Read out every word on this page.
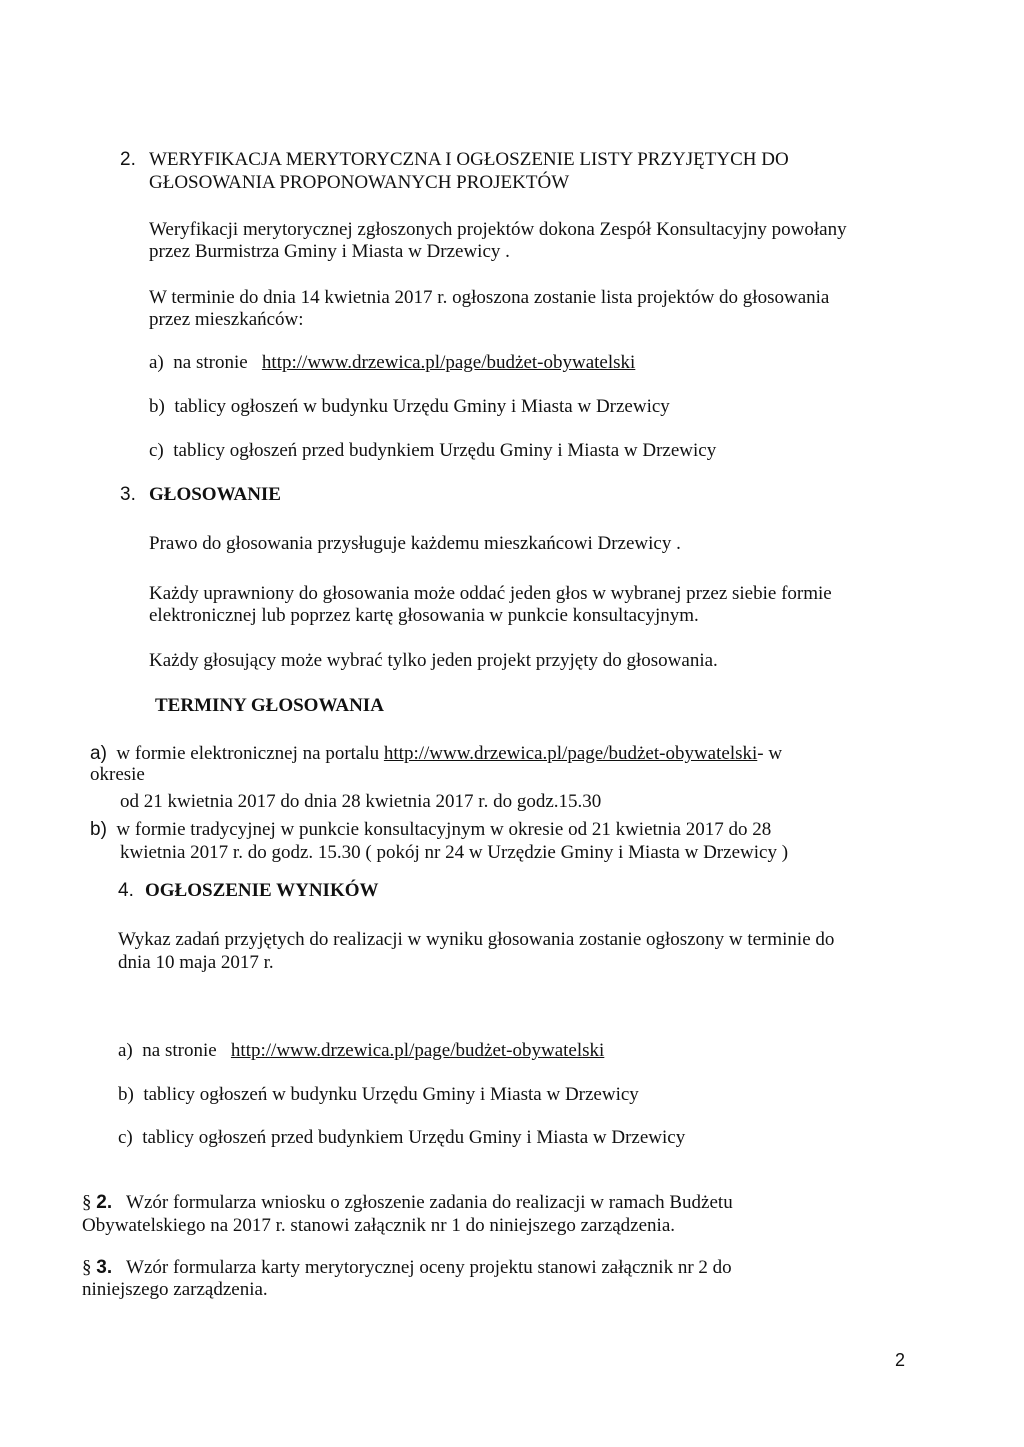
2. WERYFIKACJA MERYTORYCZNA I OGŁOSZENIE LISTY PRZYJĘTYCH DO
GŁOSOWANIA PROPONOWANYCH PROJEKTÓW
Weryfikacji merytorycznej zgłoszonych projektów dokona Zespół Konsultacyjny powołany
przez Burmistrza Gminy i Miasta w Drzewicy .
W terminie do dnia 14 kwietnia 2017 r. ogłoszona zostanie lista projektów do głosowania
przez mieszkańców:
a) na stronie http://www.drzewica.pl/page/budżet-obywatelski
b) tablicy ogłoszeń w budynku Urzędu Gminy i Miasta w Drzewicy
c) tablicy ogłoszeń przed budynkiem Urzędu Gminy i Miasta w Drzewicy
3. GŁOSOWANIE
Prawo do głosowania przysługuje każdemu mieszkańcowi Drzewicy .
Każdy uprawniony do głosowania może oddać jeden głos w wybranej przez siebie formie
elektronicznej lub poprzez kartę głosowania w punkcie konsultacyjnym.
Każdy głosujący może wybrać tylko jeden projekt przyjęty do głosowania.
TERMINY GŁOSOWANIA
a) w formie elektronicznej na portalu http://www.drzewica.pl/page/budżet-obywatelski- w
okresie
od 21 kwietnia 2017 do dnia 28 kwietnia 2017 r. do godz.15.30
b) w formie tradycyjnej w punkcie konsultacyjnym w okresie od 21 kwietnia 2017 do 28
kwietnia 2017 r. do godz. 15.30 ( pokój nr 24 w Urzędzie Gminy i Miasta w Drzewicy )
4. OGŁOSZENIE WYNIKÓW
Wykaz zadań przyjętych do realizacji w wyniku głosowania zostanie ogłoszony w terminie do
dnia 10 maja 2017 r.
a) na stronie http://www.drzewica.pl/page/budżet-obywatelski
b) tablicy ogłoszeń w budynku Urzędu Gminy i Miasta w Drzewicy
c) tablicy ogłoszeń przed budynkiem Urzędu Gminy i Miasta w Drzewicy
§ 2. Wzór formularza wniosku o zgłoszenie zadania do realizacji w ramach Budżetu
Obywatelskiego na 2017 r. stanowi załącznik nr 1 do niniejszego zarządzenia.
§ 3. Wzór formularza karty merytorycznej oceny projektu stanowi załącznik nr 2 do
niniejszego zarządzenia.
2
